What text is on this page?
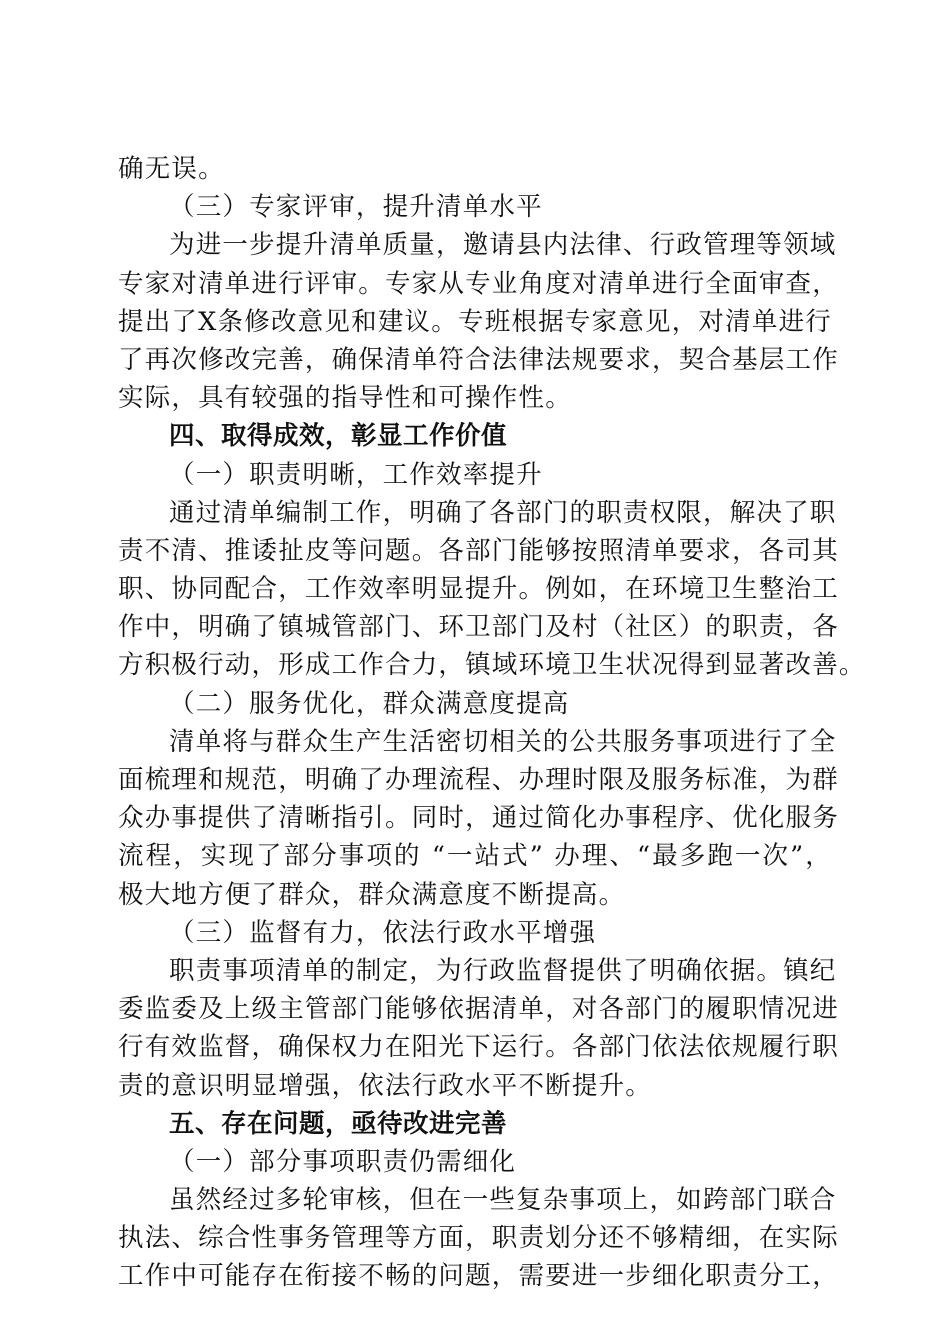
确无误。
（三）专家评审，提升清单水平
为进一步提升清单质量，邀请县内法律、行政管理等领域
专家对清单进行评审。专家从专业角度对清单进行全面审查，
提出了X条修改意见和建议。专班根据专家意见，对清单进行
了再次修改完善，确保清单符合法律法规要求，契合基层工作
实际，具有较强的指导性和可操作性。
四、取得成效，彰显工作价值
（一）职责明晰，工作效率提升
通过清单编制工作，明确了各部门的职责权限，解决了职
责不清、推诿扯皮等问题。各部门能够按照清单要求，各司其
职、协同配合，工作效率明显提升。例如，在环境卫生整治工
作中，明确了镇城管部门、环卫部门及村（社区）的职责，各
方积极行动，形成工作合力，镇域环境卫生状况得到显著改善。
（二）服务优化，群众满意度提高
清单将与群众生产生活密切相关的公共服务事项进行了全
面梳理和规范，明确了办理流程、办理时限及服务标准，为群
众办事提供了清晰指引。同时，通过简化办事程序、优化服务
流程，实现了部分事项的 “一站式” 办理、“最多跑一次”，
极大地方便了群众，群众满意度不断提高。
（三）监督有力，依法行政水平增强
职责事项清单的制定，为行政监督提供了明确依据。镇纪
委监委及上级主管部门能够依据清单，对各部门的履职情况进
行有效监督，确保权力在阳光下运行。各部门依法依规履行职
责的意识明显增强，依法行政水平不断提升。
五、存在问题，亟待改进完善
（一）部分事项职责仍需细化
虽然经过多轮审核，但在一些复杂事项上，如跨部门联合
执法、综合性事务管理等方面，职责划分还不够精细，在实际
工作中可能存在衔接不畅的问题，需要进一步细化职责分工，
